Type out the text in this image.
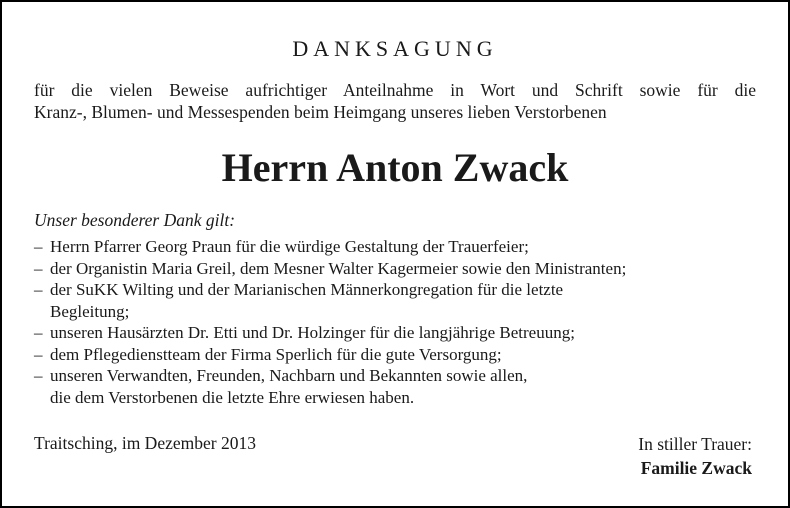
DANKSAGUNG
für die vielen Beweise aufrichtiger Anteilnahme in Wort und Schrift sowie für die
Kranz-, Blumen- und Messespenden beim Heimgang unseres lieben Verstorbenen
Herrn Anton Zwack
Unser besonderer Dank gilt:
– Herrn Pfarrer Georg Praun für die würdige Gestaltung der Trauerfeier;
– der Organistin Maria Greil, dem Mesner Walter Kagermeier sowie den Ministranten;
– der SuKK Wilting und der Marianischen Männerkongregation für die letzte
Begleitung;
– unseren Hausärzten Dr. Etti und Dr. Holzinger für die langjährige Betreuung;
– dem Pflegedienstteam der Firma Sperlich für die gute Versorgung;
– unseren Verwandten, Freunden, Nachbarn und Bekannten sowie allen,
die dem Verstorbenen die letzte Ehre erwiesen haben.
Traitsching, im Dezember 2013	In stiller Trauer:
Familie Zwack
